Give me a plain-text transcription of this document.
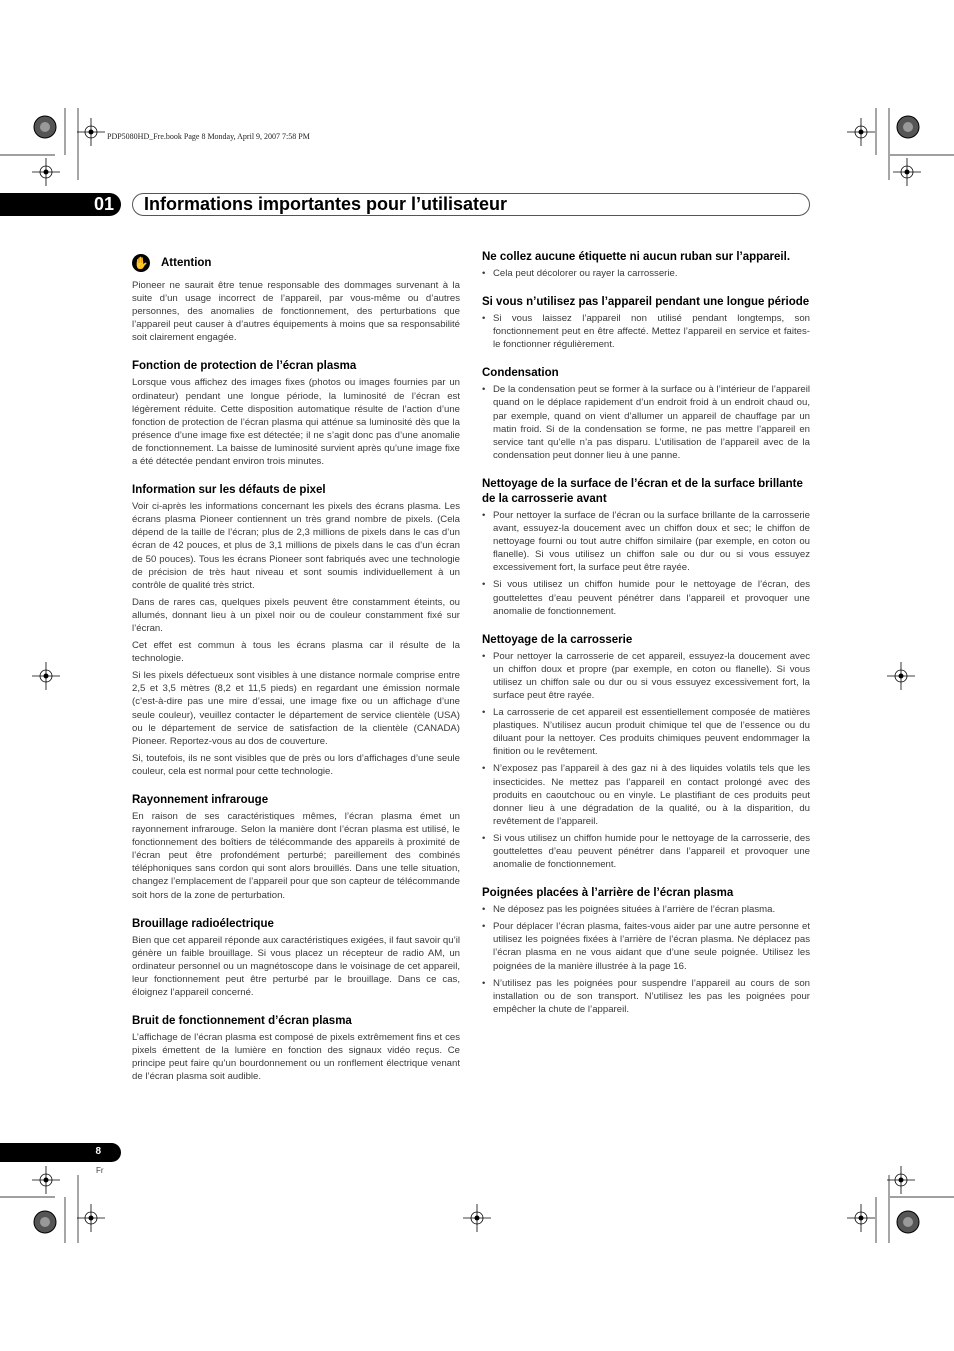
PDP5080HD_Fre.book Page 8 Monday, April 9, 2007 7:58 PM
01 Informations importantes pour l’utilisateur
✋ Attention

Pioneer ne saurait être tenue responsable des dommages survenant à la suite d’un usage incorrect de l’appareil, par vous-même ou d’autres personnes, des anomalies de fonctionnement, des perturbations que l’appareil peut causer à d’autres équipements à moins que sa responsabilité soit clairement engagée.

Fonction de protection de l’écran plasma

Lorsque vous affichez des images fixes (photos ou images fournies par un ordinateur) pendant une longue période, la luminosité de l’écran est légèrement réduite. Cette disposition automatique résulte de l’action d’une fonction de protection de l’écran plasma qui atténue sa luminosité dès que la présence d’une image fixe est détectée; il ne s’agit donc pas d’une anomalie de fonctionnement. La baisse de luminosité survient après qu’une image fixe a été détectée pendant environ trois minutes.

Information sur les défauts de pixel

Voir ci-après les informations concernant les pixels des écrans plasma. Les écrans plasma Pioneer contiennent un très grand nombre de pixels. (Cela dépend de la taille de l’écran; plus de 2,3 millions de pixels dans le cas d’un écran de 42 pouces, et plus de 3,1 millions de pixels dans le cas d’un écran de 50 pouces). Tous les écrans Pioneer sont fabriqués avec une technologie de précision de très haut niveau et sont soumis individuellement à un contrôle de qualité très strict.

Dans de rares cas, quelques pixels peuvent être constamment éteints, ou allumés, donnant lieu à un pixel noir ou de couleur constamment fixé sur l’écran.

Cet effet est commun à tous les écrans plasma car il résulte de la technologie.

Si les pixels défectueux sont visibles à une distance normale comprise entre 2,5 et 3,5 mètres (8,2 et 11,5 pieds) en regardant une émission normale (c’est-à-dire pas une mire d’essai, une image fixe ou un affichage d’une seule couleur), veuillez contacter le département de service clientèle (USA) ou le département de service de satisfaction de la clientèle (CANADA) Pioneer. Reportez-vous au dos de couverture.

Si, toutefois, ils ne sont visibles que de près ou lors d’affichages d’une seule couleur, cela est normal pour cette technologie.

Rayonnement infrarouge

En raison de ses caractéristiques mêmes, l’écran plasma émet un rayonnement infrarouge. Selon la manière dont l’écran plasma est utilisé, le fonctionnement des boîtiers de télécommande des appareils à proximité de l’écran peut être profondément perturbé; pareillement des combinés téléphoniques sans cordon qui sont alors brouillés. Dans une telle situation, changez l’emplacement de l’appareil pour que son capteur de télécommande soit hors de la zone de perturbation.

Brouillage radioélectrique

Bien que cet appareil réponde aux caractéristiques exigées, il faut savoir qu’il génère un faible brouillage. Si vous placez un récepteur de radio AM, un ordinateur personnel ou un magnétoscope dans le voisinage de cet appareil, leur fonctionnement peut être perturbé par le brouillage. Dans ce cas, éloignez l’appareil concerné.

Bruit de fonctionnement d’écran plasma

L’affichage de l’écran plasma est composé de pixels extrêmement fins et ces pixels émettent de la lumière en fonction des signaux vidéo reçus. Ce principe peut faire qu’un bourdonnement ou un ronflement électrique venant de l’écran plasma soit audible.

Ne collez aucune étiquette ni aucun ruban sur l’appareil.
• Cela peut décolorer ou rayer la carrosserie.
Si vous n’utilisez pas l’appareil pendant une longue période
• Si vous laissez l’appareil non utilisé pendant longtemps, son fonctionnement peut en être affecté. Mettez l’appareil en service et faites-le fonctionner régulièrement.
Condensation
• De la condensation peut se former à la surface ou à l’intérieur de l’appareil quand on le déplace rapidement d’un endroit froid à un endroit chaud ou, par exemple, quand on vient d’allumer un appareil de chauffage par un matin froid. Si de la condensation se forme, ne pas mettre l’appareil en service tant qu’elle n’a pas disparu. L’utilisation de l’appareil avec de la condensation peut donner lieu à une panne.
Nettoyage de la surface de l’écran et de la surface brillante de la carrosserie avant
• Pour nettoyer la surface de l’écran ou la surface brillante de la carrosserie avant, essuyez-la doucement avec un chiffon doux et sec; le chiffon de nettoyage fourni ou tout autre chiffon similaire (par exemple, en coton ou flanelle). Si vous utilisez un chiffon sale ou dur ou si vous essuyez excessivement fort, la surface peut être rayée.
• Si vous utilisez un chiffon humide pour le nettoyage de l’écran, des gouttelettes d’eau peuvent pénétrer dans l’appareil et provoquer une anomalie de fonctionnement.
Nettoyage de la carrosserie
• Pour nettoyer la carrosserie de cet appareil, essuyez-la doucement avec un chiffon doux et propre (par exemple, en coton ou flanelle). Si vous utilisez un chiffon sale ou dur ou si vous essuyez excessivement fort, la surface peut être rayée.
• La carrosserie de cet appareil est essentiellement composée de matières plastiques. N’utilisez aucun produit chimique tel que de l’essence ou du diluant pour la nettoyer. Ces produits chimiques peuvent endommager la finition ou le revêtement.
• N’exposez pas l’appareil à des gaz ni à des liquides volatils tels que les insecticides. Ne mettez pas l’appareil en contact prolongé avec des produits en caoutchouc ou en vinyle. Le plastifiant de ces produits peut donner lieu à une dégradation de la qualité, ou à la disparition, du revêtement de l’appareil.
• Si vous utilisez un chiffon humide pour le nettoyage de la carrosserie, des gouttelettes d’eau peuvent pénétrer dans l’appareil et provoquer une anomalie de fonctionnement.
Poignées placées à l’arrière de l’écran plasma
• Ne déposez pas les poignées situées à l’arrière de l’écran plasma.
• Pour déplacer l’écran plasma, faites-vous aider par une autre personne et utilisez les poignées fixées à l’arrière de l’écran plasma. Ne déplacez pas l’écran plasma en ne vous aidant que d’une seule poignée. Utilisez les poignées de la manière illustrée à la page 16.
• N’utilisez pas les poignées pour suspendre l’appareil au cours de son installation ou de son transport. N’utilisez les pas les poignées pour empêcher la chute de l’appareil.
8
Fr
